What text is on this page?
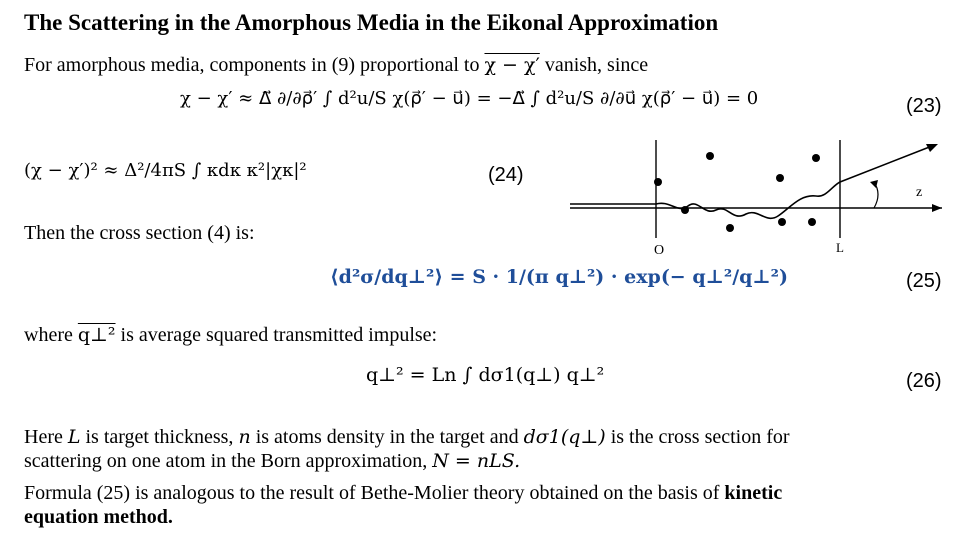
The Scattering in the Amorphous Media in the Eikonal Approximation
For amorphous media, components in (9) proportional to χ − χ′ vanish, since
χ − χ′ ≈ Δ⃗ ∂/∂ρ⃗′ ∫ d²u/S χ(ρ⃗′ − u⃗) = −Δ⃗ ∫ d²u/S ∂/∂u⃗ χ(ρ⃗′ − u⃗) = 0	(23)
(χ − χ′)² ≈ Δ²/4πS ∫ κdκ κ²|χκ|²	(24)
Then the cross section (4) is:
⟨d²σ/dq⊥²⟩ = S · 1/(π q⊥²) · exp(− q⊥²/q⊥²)	(25)
where q⊥² is average squared transmitted impulse:
q⊥² = Ln ∫ dσ1(q⊥) q⊥²	(26)
Here L is target thickness, n is atoms density in the target and dσ1(q⊥) is the cross section for
scattering on one atom in the Born approximation, N = nLS.
Formula (25) is analogous to the result of Bethe-Molier theory obtained on the basis of kinetic
equation method.
O	L
z
